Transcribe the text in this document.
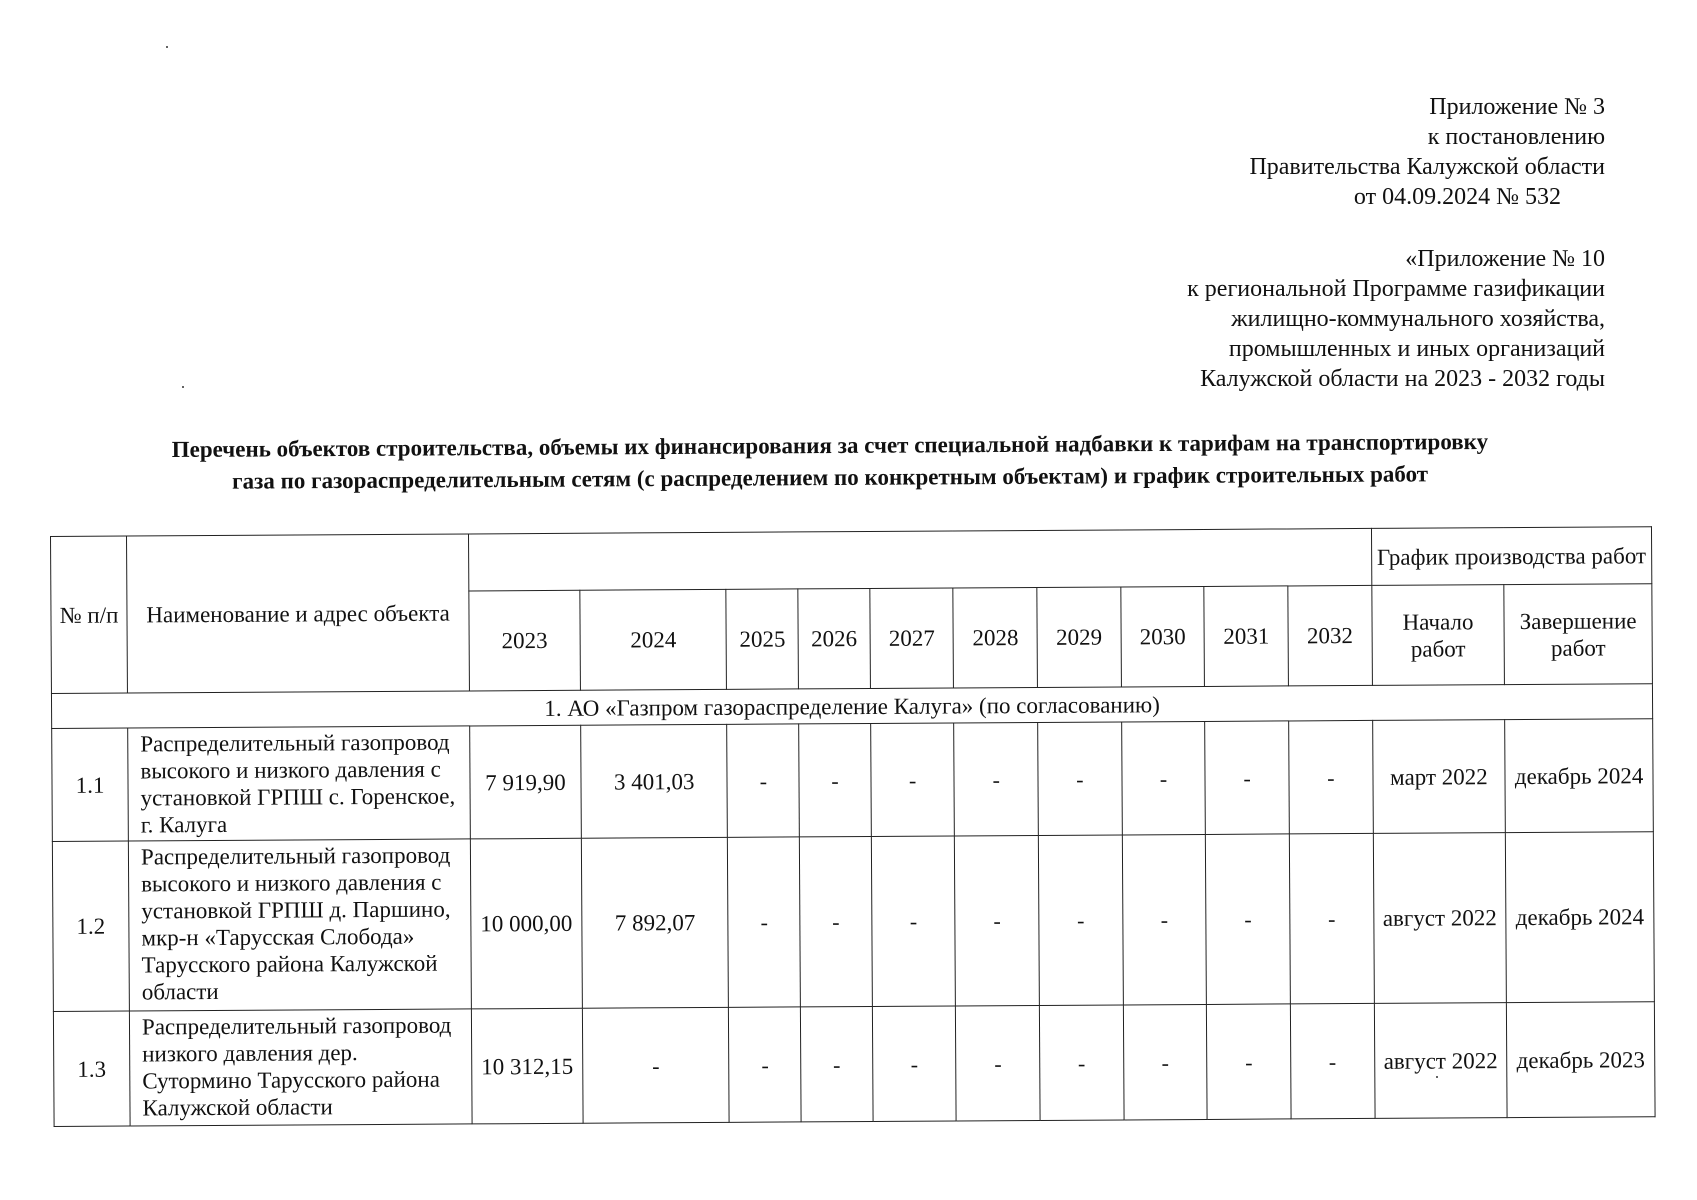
Приложение № 3
к постановлению
Правительства Калужской области
от 04.09.2024 № 532
«Приложение № 10
к региональной Программе газификации
жилищно-коммунального хозяйства,
промышленных и иных организаций
Калужской области на 2023 - 2032 годы
Перечень объектов строительства, объемы их финансирования за счет специальной надбавки к тарифам на транспортировку
газа по газораспределительным сетям (с распределением по конкретным объектам) и график строительных работ
№ п/п	Наименование и адрес объекта											График производства работ	
		2023	2024	2025	2026	2027	2028	2029	2030	2031	2032	Начало работ	Завершение работ
1. АО «Газпром газораспределение Калуга» (по согласованию)													
1.1	Распределительный газопровод высокого и низкого давления с установкой ГРПШ с. Горенское, г. Калуга	7 919,90	3 401,03	-	-	-	-	-	-	-	-	март 2022	декабрь 2024
1.2	Распределительный газопровод высокого и низкого давления с установкой ГРПШ д. Паршино, мкр-н «Тарусская Слобода» Тарусского района Калужской области	10 000,00	7 892,07	-	-	-	-	-	-	-	-	август 2022	декабрь 2024
1.3	Распределительный газопровод низкого давления дер. Сутормино Тарусского района Калужской области	10 312,15	-	-	-	-	-	-	-	-	-	август 2022	декабрь 2023
